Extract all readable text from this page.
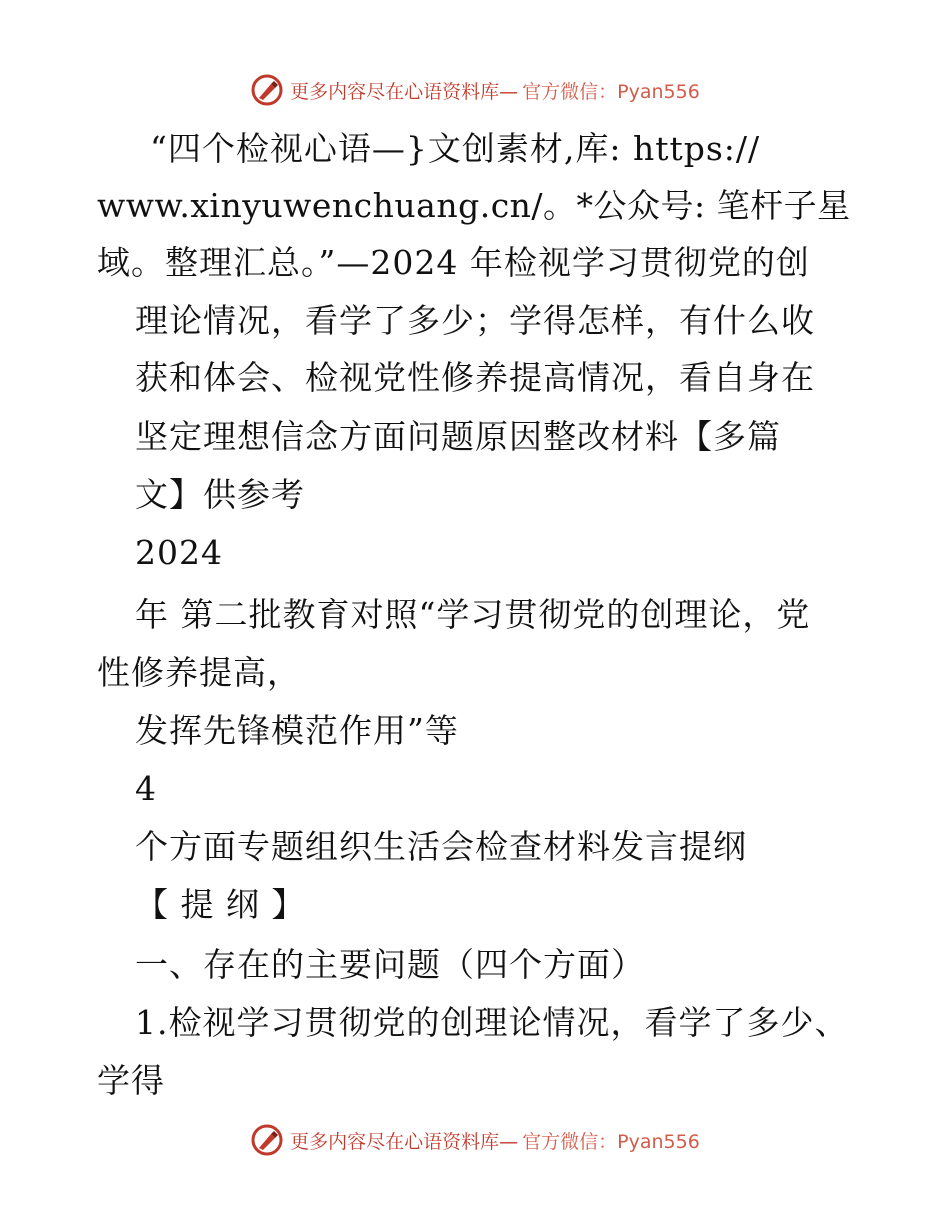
更多内容尽在心语资料库— 官方微信：Pyan556
“四个检视心语—}文创素材,库: https://
www.xinyuwenchuang.cn/。*公众号: 笔杆子星
域。整理汇总。”—2024 年检视学习贯彻党的创
理论情况，看学了多少；学得怎样，有什么收
获和体会、检视党性修养提高情况，看自身在
坚定理想信念方面问题原因整改材料【多篇
文】供参考
2024
年 第二批教育对照“学习贯彻党的创理论，党
性修养提高，
发挥先锋模范作用”等
4
个方面专题组织生活会检查材料发言提纲
【 提 纲 】
一、存在的主要问题（四个方面）
1.检视学习贯彻党的创理论情况，看学了多少、
学得
更多内容尽在心语资料库— 官方微信：Pyan556
